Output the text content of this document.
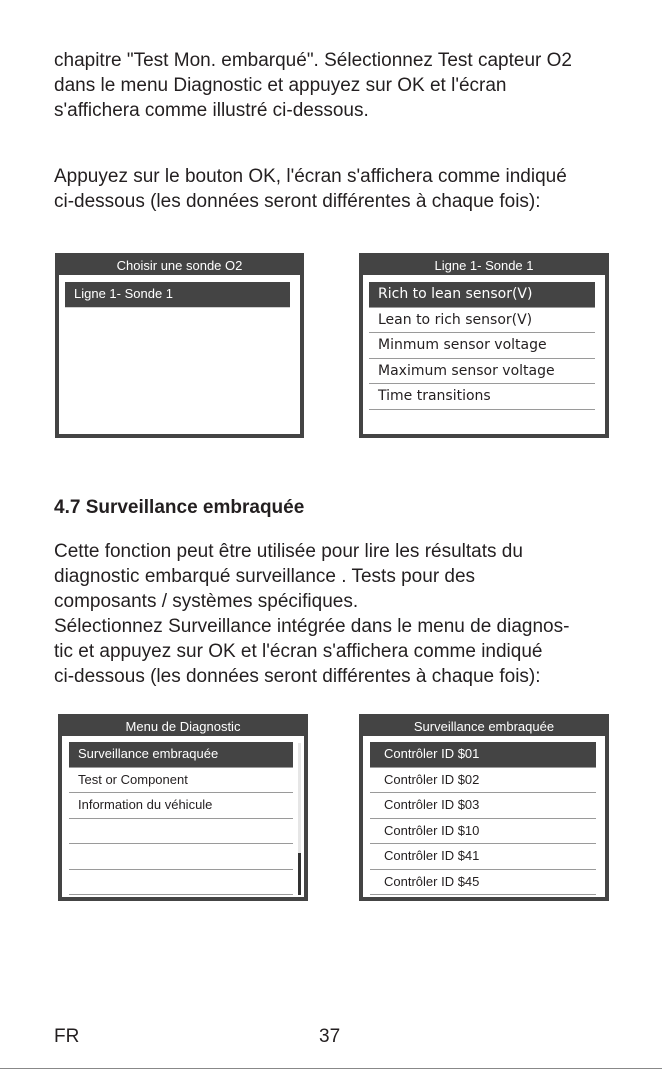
chapitre "Test Mon. embarqué". Sélectionnez Test capteur O2
dans le menu Diagnostic et appuyez sur OK et l'écran
s'affichera comme illustré ci-dessous.
Appuyez sur le bouton OK, l'écran s'affichera comme indiqué
ci-dessous (les données seront différentes à chaque fois):
Choisir une sonde O2
Ligne 1- Sonde 1
Ligne 1- Sonde 1
Rich to lean sensor(V)
Lean to rich sensor(V)
Minmum sensor voltage
Maximum sensor voltage
Time transitions
4.7 Surveillance embraquée
Cette fonction peut être utilisée pour lire les résultats du
diagnostic embarqué surveillance . Tests pour des
composants / systèmes spécifiques.
Sélectionnez Surveillance intégrée dans le menu de diagnos-
tic et appuyez sur OK et l'écran s'affichera comme indiqué
ci-dessous (les données seront différentes à chaque fois):
Menu de Diagnostic
Surveillance embraquée
Test or Component
Information du véhicule
Surveillance embraquée
Contrôler ID $01
Contrôler ID $02
Contrôler ID $03
Contrôler ID $10
Contrôler ID $41
Contrôler ID $45
FR	37
